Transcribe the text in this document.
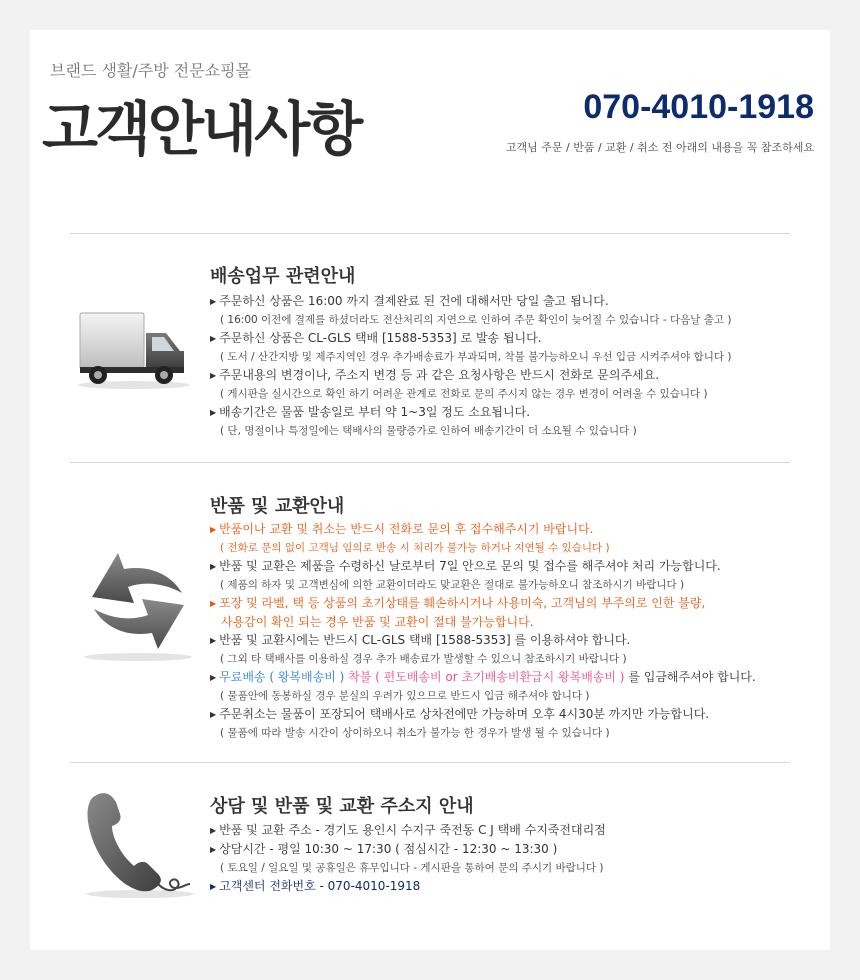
브랜드 생활/주방 전문쇼핑몰
고객안내사항	070-4010-1918
고객님 주문 / 반품 / 교환 / 취소 전 아래의 내용을 꼭 참조하세요
배송업무 관련안내
▶ 주문하신 상품은 16:00 까지 결제완료 된 건에 대해서만 당일 출고 됩니다.
( 16:00 이전에 결제를 하셨더라도 전산처리의 지연으로 인하여 주문 확인이 늦어질 수 있습니다 - 다음날 출고 )
▶ 주문하신 상품은 CL-GLS 택배 [1588-5353] 로 발송 됩니다.
( 도서 / 산간지방 및 제주지역인 경우 추가배송료가 부과되며, 착불 불가능하오니 우선 입금 시켜주셔야 합니다 )
▶ 주문내용의 변경이나, 주소지 변경 등 과 같은 요청사항은 반드시 전화로 문의주세요.
( 게시판을 실시간으로 확인 하기 어려운 관계로 전화로 문의 주시지 않는 경우 변경이 어려울 수 있습니다 )
▶ 배송기간은 물품 발송일로 부터 약 1~3일 정도 소요됩니다.
( 단, 명절이나 특정일에는 택배사의 물량증가로 인하여 배송기간이 더 소요될 수 있습니다 )
반품 및 교환안내
▶ 반품이나 교환 및 취소는 반드시 전화로 문의 후 접수해주시기 바랍니다.
( 전화로 문의 없이 고객님 임의로 반송 시 처리가 불가능 하거나 지연될 수 있습니다 )
▶ 반품 및 교환은 제품을 수령하신 날로부터 7일 안으로 문의 및 접수를 해주셔야 처리 가능합니다.
( 제품의 하자 및 고객변심에 의한 교환이더라도 맞교환은 절대로 불가능하오니 참조하시기 바랍니다 )
▶ 포장 및 라벨, 택 등 상품의 초기상태를 훼손하시거나 사용미숙, 고객님의 부주의로 인한 불량,
사용감이 확인 되는 경우 반품 및 교환이 절대 불가능합니다.
▶ 반품 및 교환시에는 반드시 CL-GLS 택배 [1588-5353] 를 이용하셔야 합니다.
( 그외 타 택배사를 이용하실 경우 추가 배송료가 발생할 수 있으니 참조하시기 바랍니다 )
▶ 무료배송 ( 왕복배송비 ) 착불 ( 편도배송비 or 초기배송비환급시 왕복배송비 ) 를 입금해주셔야 합니다.
( 물품안에 동봉하실 경우 분실의 우려가 있으므로 반드시 입금 해주셔야 합니다 )
▶ 주문취소는 물품이 포장되어 택배사로 상차전에만 가능하며 오후 4시30분 까지만 가능합니다.
( 물품에 따라 발송 시간이 상이하오니 취소가 불가능 한 경우가 발생 될 수 있습니다 )
상담 및 반품 및 교환 주소지 안내
▶ 반품 및 교환 주소 - 경기도 용인시 수지구 죽전동 C J 택배 수지죽전대리점
▶ 상담시간 - 평일 10:30 ~ 17:30 ( 점심시간 - 12:30 ~ 13:30 )
( 토요일 / 일요일 및 공휴일은 휴무입니다 - 게시판을 통하여 문의 주시기 바랍니다 )
▶ 고객센터 전화번호 - 070-4010-1918
